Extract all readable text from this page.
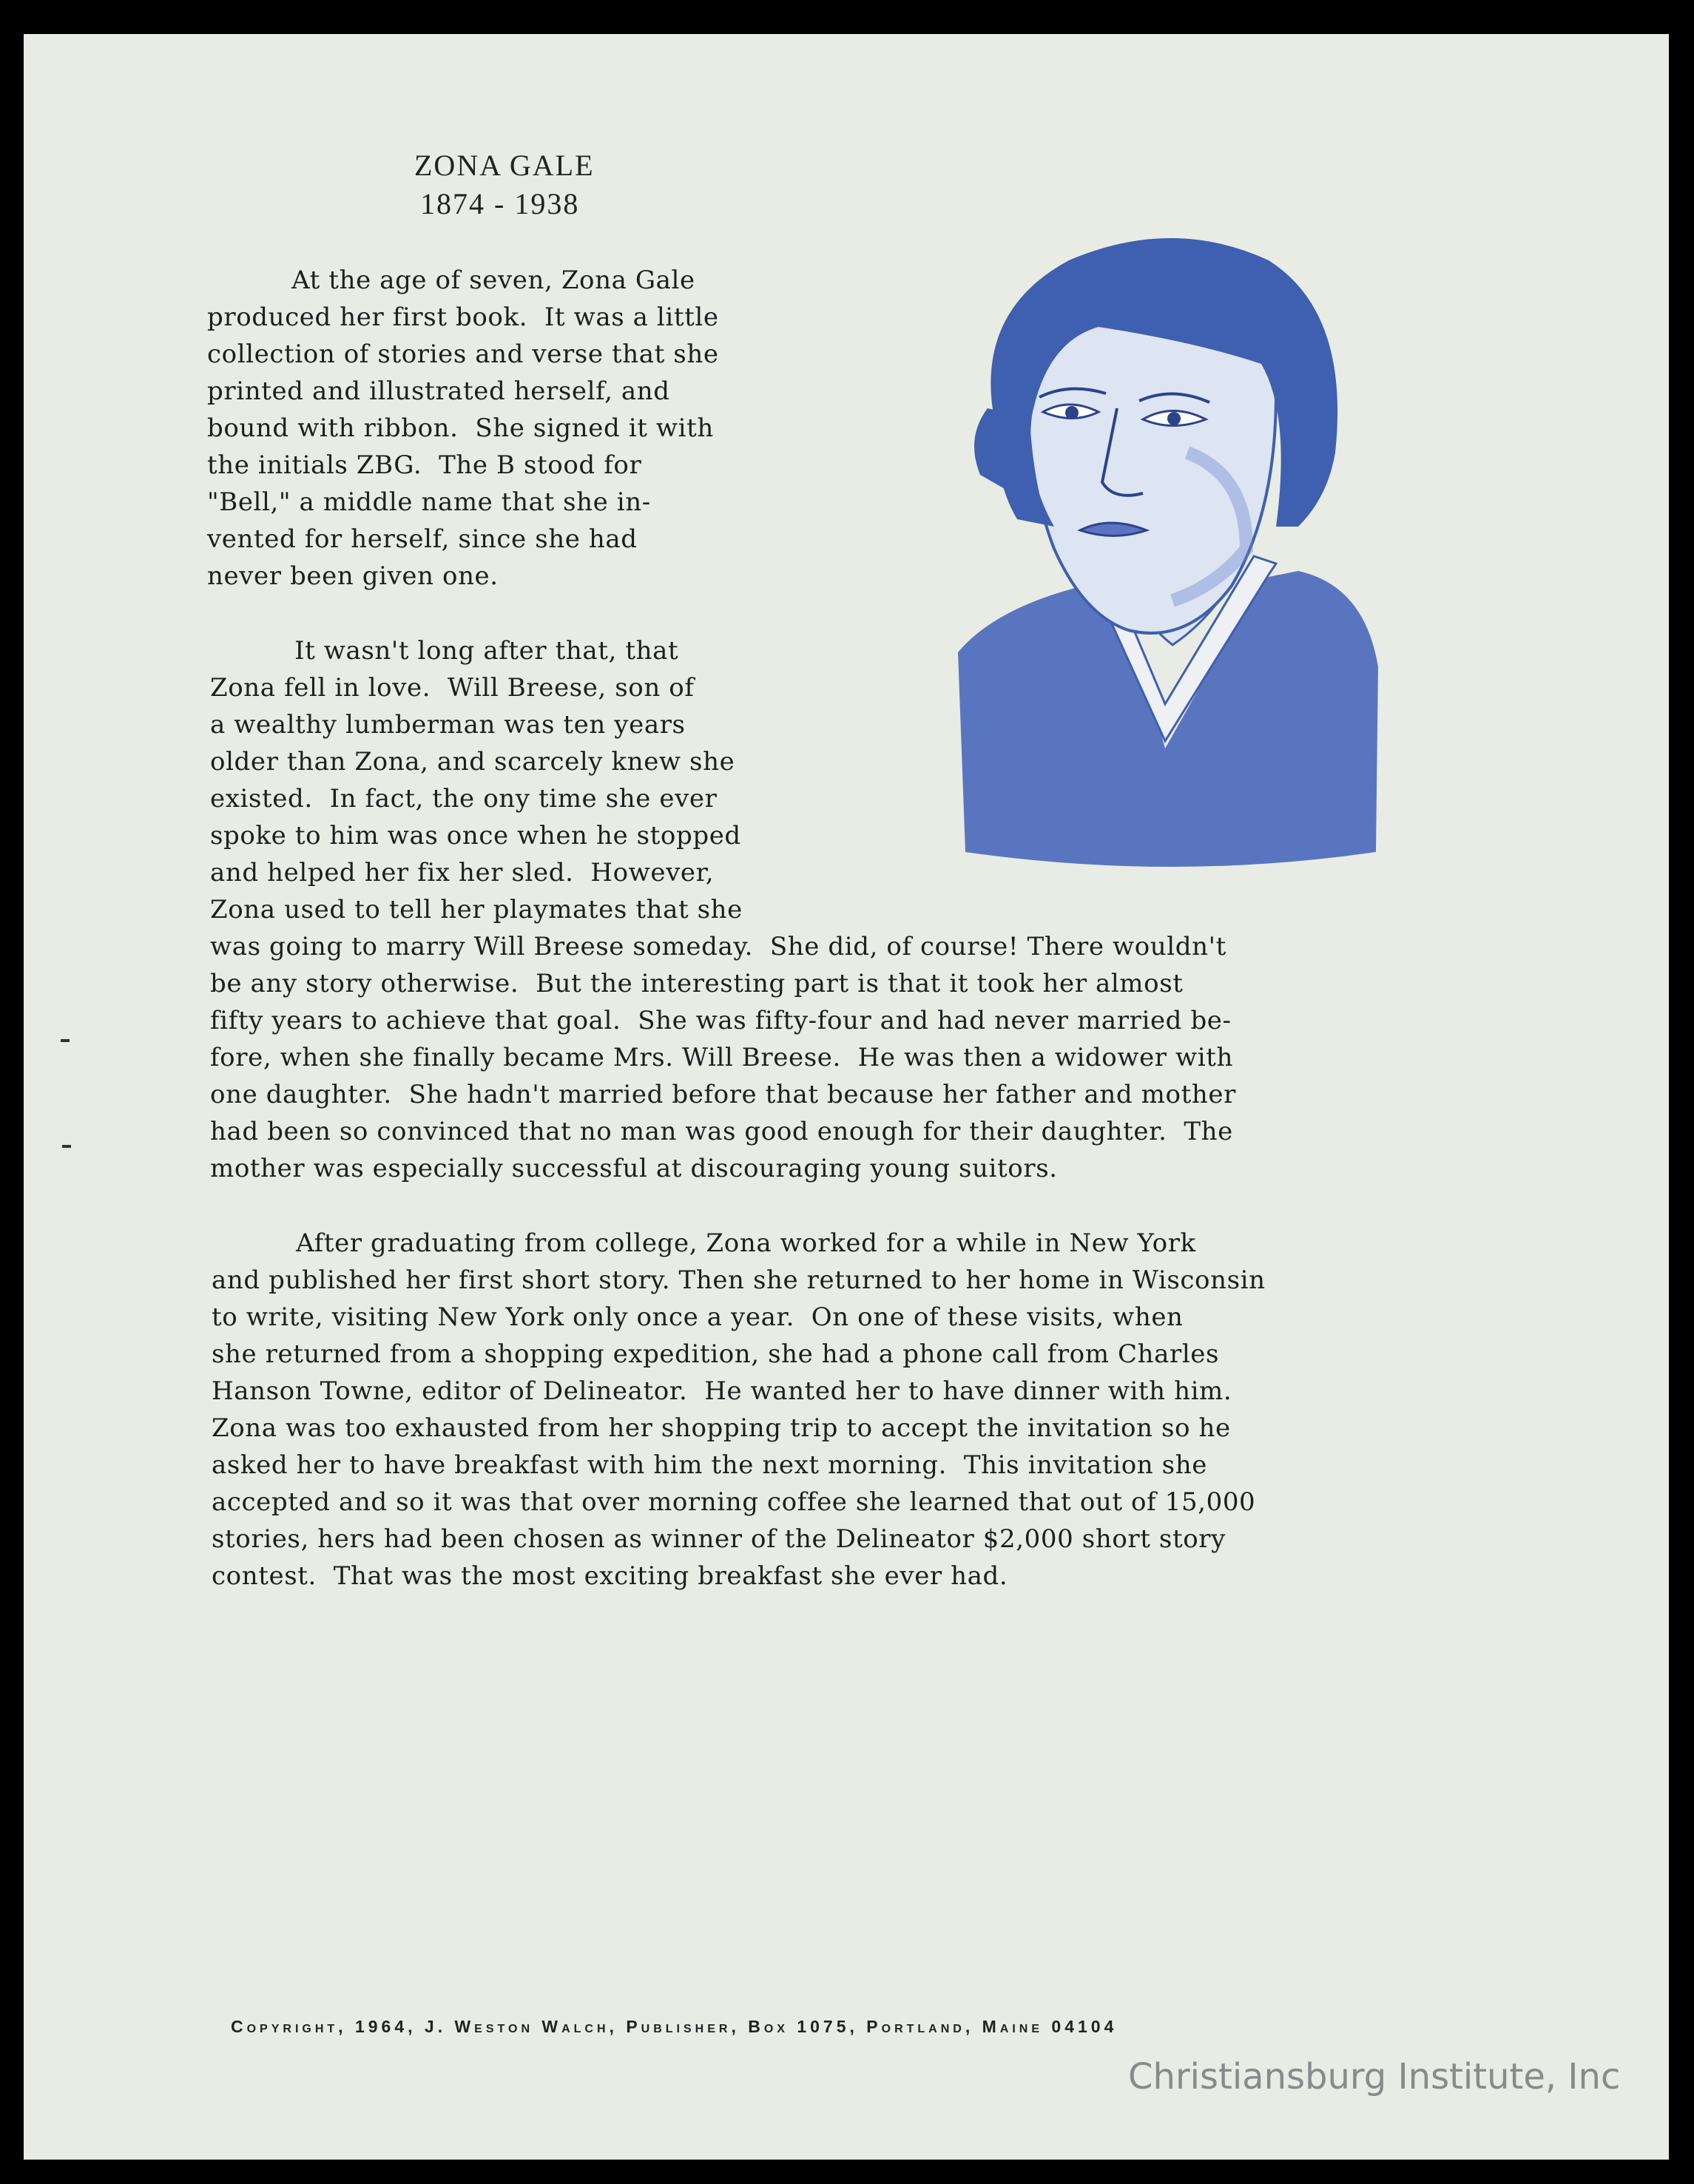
ZONA GALE
1874 - 1938
At the age of seven, Zona Gale
produced her first book.  It was a little
collection of stories and verse that she
printed and illustrated herself, and
bound with ribbon.  She signed it with
the initials ZBG.  The B stood for
"Bell," a middle name that she in-
vented for herself, since she had
never been given one.
It wasn't long after that, that
Zona fell in love.  Will Breese, son of
a wealthy lumberman was ten years
older than Zona, and scarcely knew she
existed.  In fact, the ony time she ever
spoke to him was once when he stopped
and helped her fix her sled.  However,
Zona used to tell her playmates that she
was going to marry Will Breese someday.  She did, of course! There wouldn't
be any story otherwise.  But the interesting part is that it took her almost
fifty years to achieve that goal.  She was fifty-four and had never married be-
fore, when she finally became Mrs. Will Breese.  He was then a widower with
one daughter.  She hadn't married before that because her father and mother
had been so convinced that no man was good enough for their daughter.  The
mother was especially successful at discouraging young suitors.
After graduating from college, Zona worked for a while in New York
and published her first short story. Then she returned to her home in Wisconsin
to write, visiting New York only once a year.  On one of these visits, when
she returned from a shopping expedition, she had a phone call from Charles
Hanson Towne, editor of Delineator.  He wanted her to have dinner with him.
Zona was too exhausted from her shopping trip to accept the invitation so he
asked her to have breakfast with him the next morning.  This invitation she
accepted and so it was that over morning coffee she learned that out of 15,000
stories, hers had been chosen as winner of the Delineator $2,000 short story
contest.  That was the most exciting breakfast she ever had.
Copyright, 1964, J. Weston Walch, Publisher, Box 1075, Portland, Maine 04104
Christiansburg Institute, Inc
